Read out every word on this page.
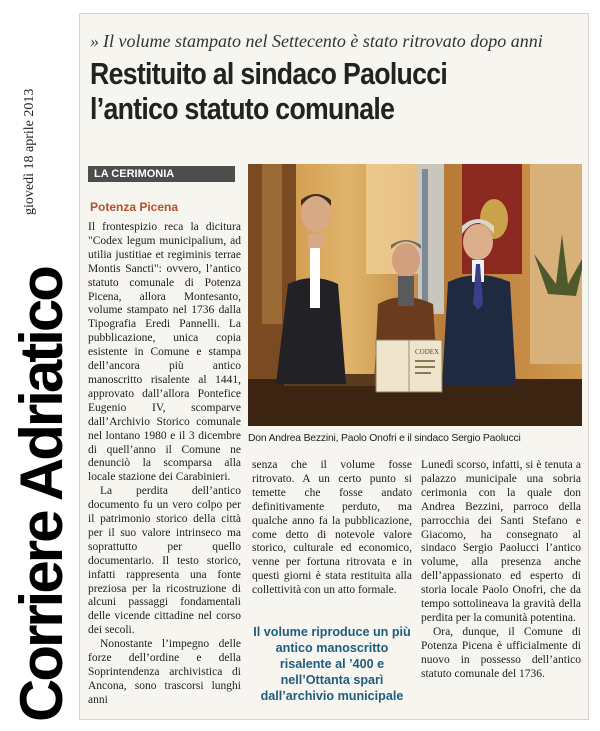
giovedì 18 aprile 2013
Corriere Adriatico
» Il volume stampato nel Settecento è stato ritrovato dopo anni
Restituito al sindaco Paolucci
l’antico statuto comunale
LA CERIMONIA
Potenza Picena

Il frontespizio reca la dicitura "Codex legum municipalium, ad utilia justitiae et regiminis terrae Montis Sancti": ovvero, l’antico statuto comunale di Potenza Picena, allora Montesanto, volume stampato nel 1736 dalla Tipografia Eredi Pannelli. La pubblicazione, unica copia esistente in Comune e stampa dell’ancora più antico manoscritto risalente al 1441, approvato dall’allora Pontefice Eugenio IV, scomparve dall’Archivio Storico comunale nel lontano 1980 e il 3 dicembre di quell’anno il Comune ne denunciò la scomparsa alla locale stazione dei Carabinieri.

La perdita dell’antico documento fu un vero colpo per il patrimonio storico della città per il suo valore intrinseco ma soprattutto per quello documentario. Il testo storico, infatti rappresenta una fonte preziosa per la ricostruzione di alcuni passaggi fondamentali delle vicende cittadine nel corso dei secoli.

Nonostante l’impegno delle forze dell’ordine e della Soprintendenza archivistica di Ancona, sono trascorsi lunghi anni

CODEX
Don Andrea Bezzini, Paolo Onofri e il sindaco Sergio Paolucci

senza che il volume fosse ritrovato. A un certo punto si temette che fosse andato definitivamente perduto, ma qualche anno fa la pubblicazione, come detto di notevole valore storico, culturale ed economico, venne per fortuna ritrovata e in questi giorni è stata restituita alla collettività con un atto formale.

Il volume riproduce un più antico manoscritto risalente al ’400 e nell’Ottanta sparì dall’archivio municipale

Lunedì scorso, infatti, si è tenuta a palazzo municipale una sobria cerimonia con la quale don Andrea Bezzini, parroco della parrocchia dei Santi Stefano e Giacomo, ha consegnato al sindaco Sergio Paolucci l’antico volume, alla presenza anche dell’appassionato ed esperto di storia locale Paolo Onofri, che da tempo sottolineava la gravità della perdita per la comunità potentina.

Ora, dunque, il Comune di Potenza Picena è ufficialmente di nuovo in possesso dell’antico statuto comunale del 1736.
